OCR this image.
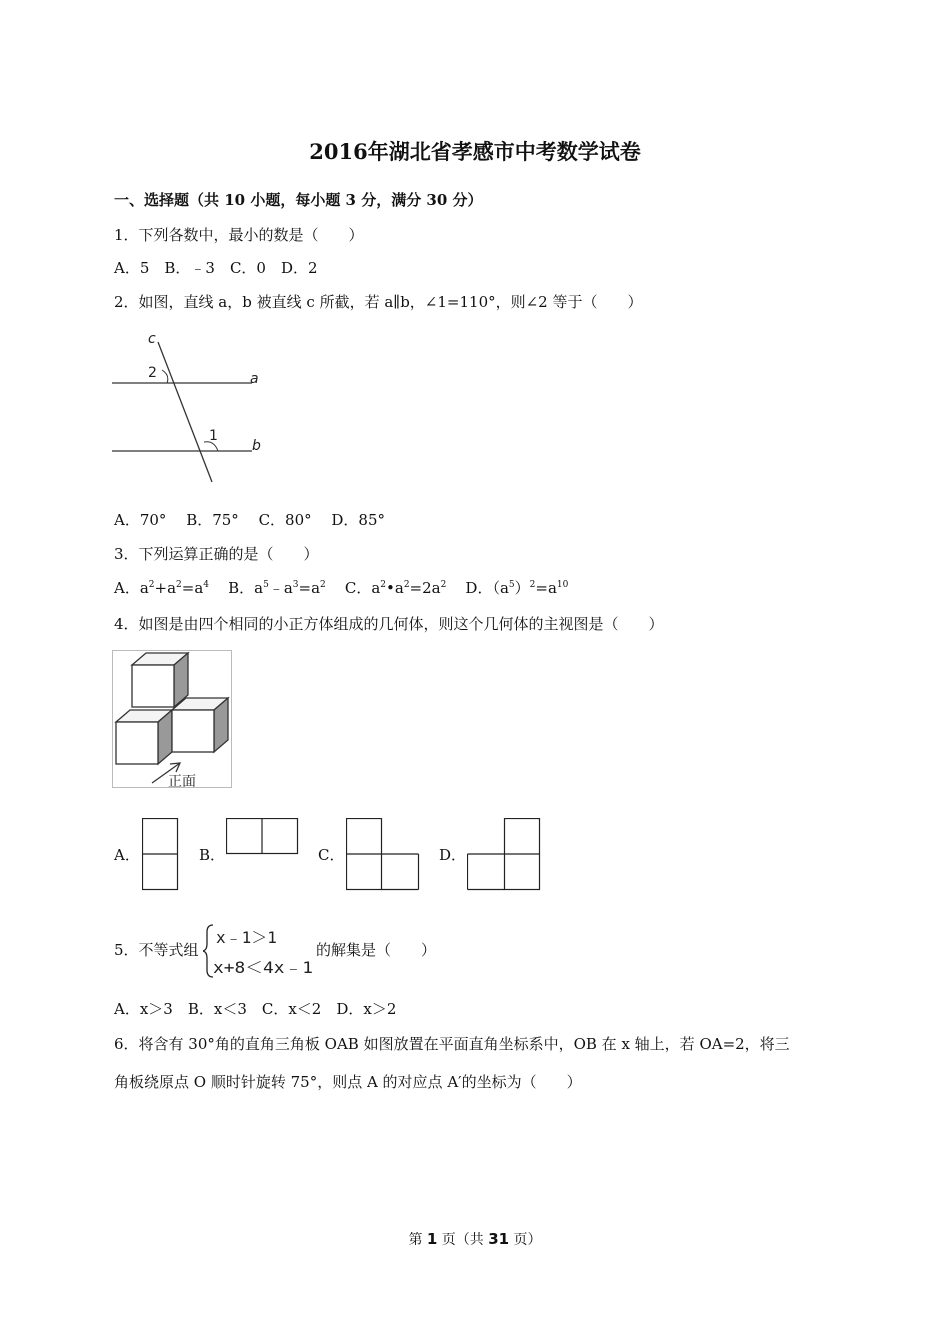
2016年湖北省孝感市中考数学试卷
一、选择题（共 10 小题，每小题 3 分，满分 30 分）
1．下列各数中，最小的数是（　　）
A．5　B．﹣3　C．0　D．2
2．如图，直线 a，b 被直线 c 所截，若 a∥b，∠1=110°，则∠2 等于（　　）
c
a
b
2
1
A．70°　 B．75°　 C．80°　 D．85°
3．下列运算正确的是（　　）
A．$a^2+a^2=a^4$ B．$a^5﹣a^3=a^2$ C．$a^2•a^2=2a^2$ D．$(a^5)^2=a^{10}$
4．如图是由四个相同的小正方体组成的几何体，则这个几何体的主视图是（　　）
正面
A．	B．	C．	D．
5．不等式组
x﹣1＞1
x+8＜4x﹣1
的解集是（　　）
A．x＞3　B．x＜3　C．x＜2　D．x＞2
6．将含有 30°角的直角三角板 OAB 如图放置在平面直角坐标系中，OB 在 x 轴上，若 OA=2，将三
角板绕原点 O 顺时针旋转 75°，则点 A 的对应点 A′的坐标为（　　）
第 1 页（共 31 页）
